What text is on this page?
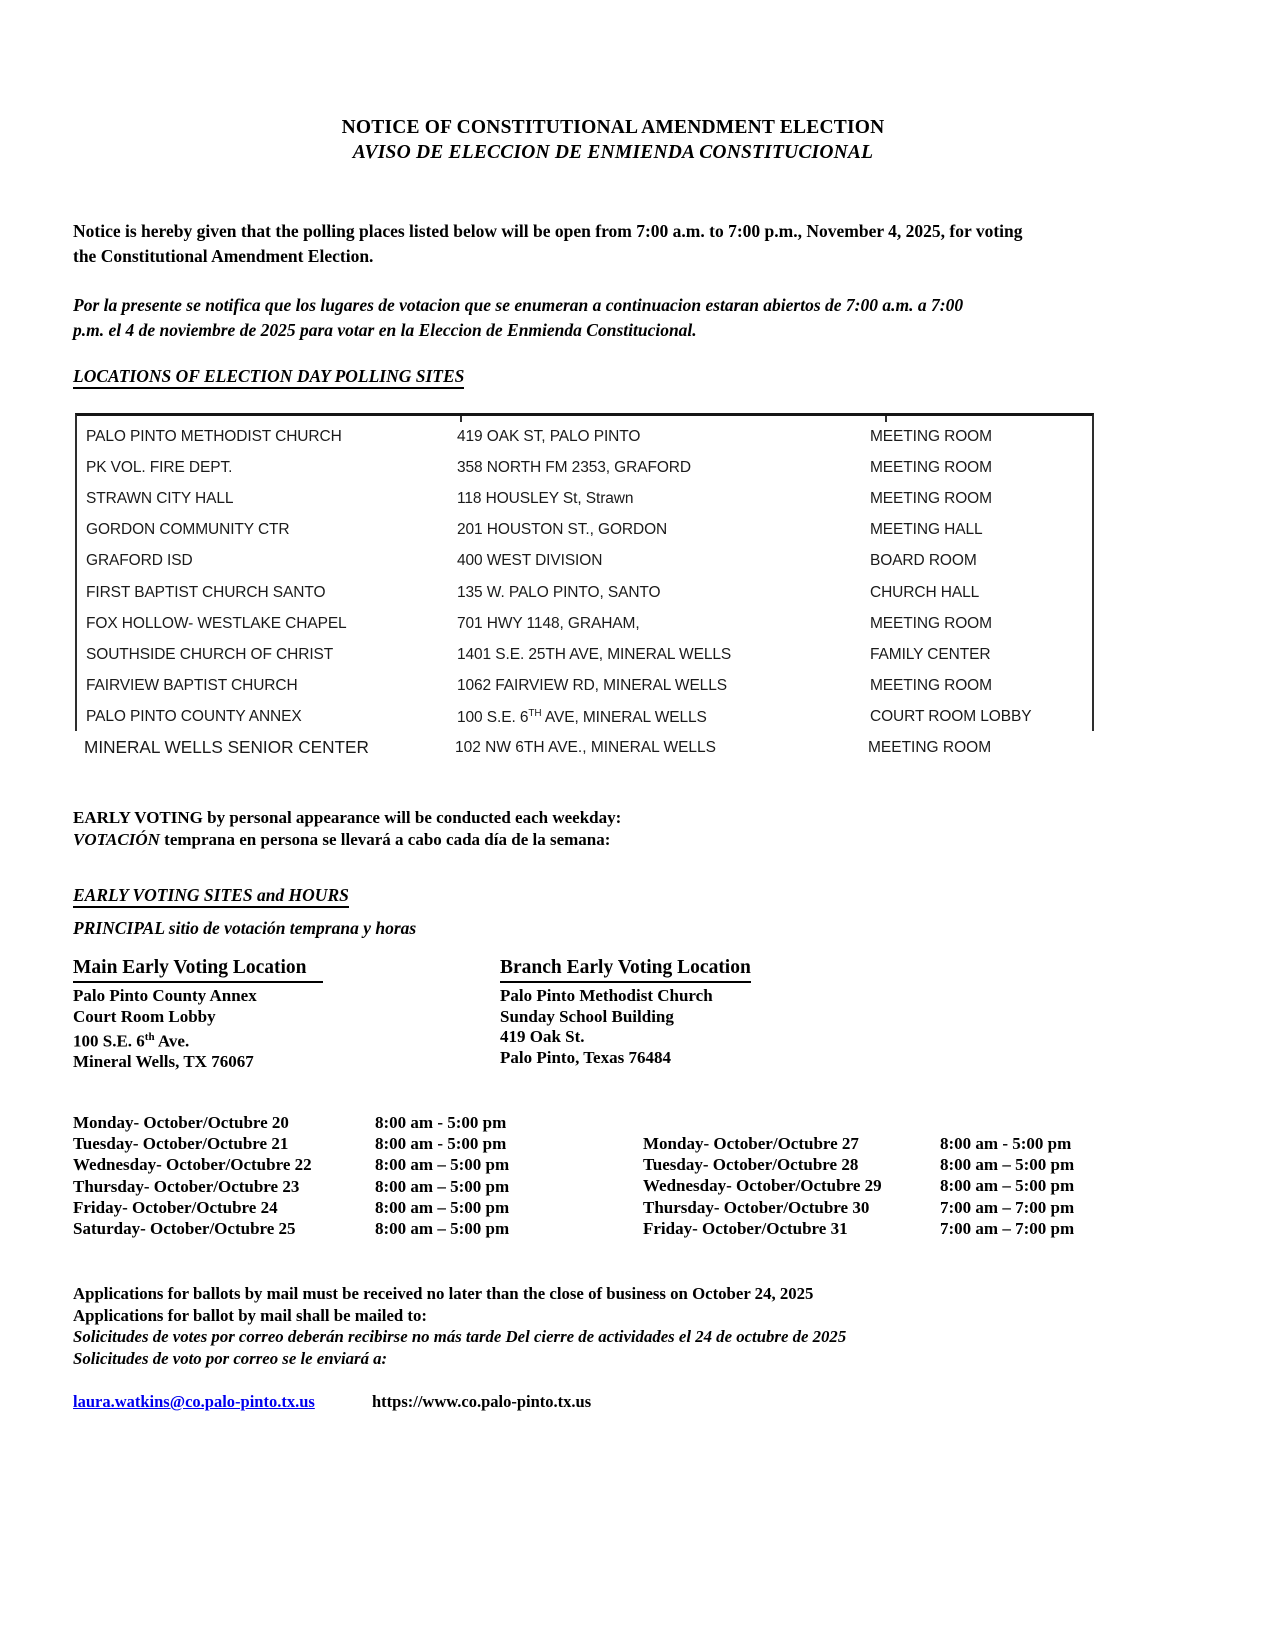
NOTICE OF CONSTITUTIONAL AMENDMENT ELECTION
AVISO DE ELECCION DE ENMIENDA CONSTITUCIONAL
Notice is hereby given that the polling places listed below will be open from 7:00 a.m. to 7:00 p.m., November 4, 2025, for voting
the Constitutional Amendment Election.
Por la presente se notifica que los lugares de votacion que se enumeran a continuacion estaran abiertos de 7:00 a.m. a 7:00
p.m. el 4 de noviembre de 2025 para votar en la Eleccion de Enmienda Constitucional.
LOCATIONS OF ELECTION DAY POLLING SITES
PALO PINTO METHODIST CHURCH	419 OAK ST, PALO PINTO	MEETING ROOM
PK VOL. FIRE DEPT.	358 NORTH FM 2353, GRAFORD	MEETING ROOM
STRAWN CITY HALL	118 HOUSLEY St, Strawn	MEETING ROOM
GORDON COMMUNITY CTR	201 HOUSTON ST., GORDON	MEETING HALL
GRAFORD ISD	400 WEST DIVISION	BOARD ROOM
FIRST BAPTIST CHURCH SANTO	135 W. PALO PINTO, SANTO	CHURCH HALL
FOX HOLLOW- WESTLAKE CHAPEL	701 HWY 1148, GRAHAM,	MEETING ROOM
SOUTHSIDE CHURCH OF CHRIST	1401 S.E. 25TH AVE, MINERAL WELLS	FAMILY CENTER
FAIRVIEW BAPTIST CHURCH	1062 FAIRVIEW RD, MINERAL WELLS	MEETING ROOM
PALO PINTO COUNTY ANNEX	100 S.E. 6TH AVE, MINERAL WELLS	COURT ROOM LOBBY
MINERAL WELLS SENIOR CENTER	102 NW 6TH AVE., MINERAL WELLS	MEETING ROOM
EARLY VOTING by personal appearance will be conducted each weekday:
VOTACIÓN temprana en persona se llevará a cabo cada día de la semana:
EARLY VOTING SITES and HOURS
PRINCIPAL sitio de votación temprana y horas
Main Early Voting Location
Palo Pinto County Annex
Court Room Lobby
100 S.E. 6th Ave.
Mineral Wells, TX 76067
Branch Early Voting Location
Palo Pinto Methodist Church
Sunday School Building
419 Oak St.
Palo Pinto, Texas 76484
Monday- October/Octubre 20	8:00 am - 5:00 pm
Tuesday- October/Octubre 21	8:00 am - 5:00 pm
Wednesday- October/Octubre 22	8:00 am – 5:00 pm
Thursday- October/Octubre 23	8:00 am – 5:00 pm
Friday- October/Octubre 24	8:00 am – 5:00 pm
Saturday- October/Octubre 25	8:00 am – 5:00 pm
Monday- October/Octubre 27	8:00 am - 5:00 pm
Tuesday- October/Octubre 28	8:00 am – 5:00 pm
Wednesday- October/Octubre 29	8:00 am – 5:00 pm
Thursday- October/Octubre 30	7:00 am – 7:00 pm
Friday- October/Octubre 31	7:00 am – 7:00 pm
Applications for ballots by mail must be received no later than the close of business on October 24, 2025
Applications for ballot by mail shall be mailed to:
Solicitudes de votes por correo deberán recibirse no más tarde Del cierre de actividades el 24 de octubre de 2025
Solicitudes de voto por correo se le enviará a:
laura.watkins@co.palo-pinto.tx.us	https://www.co.palo-pinto.tx.us
